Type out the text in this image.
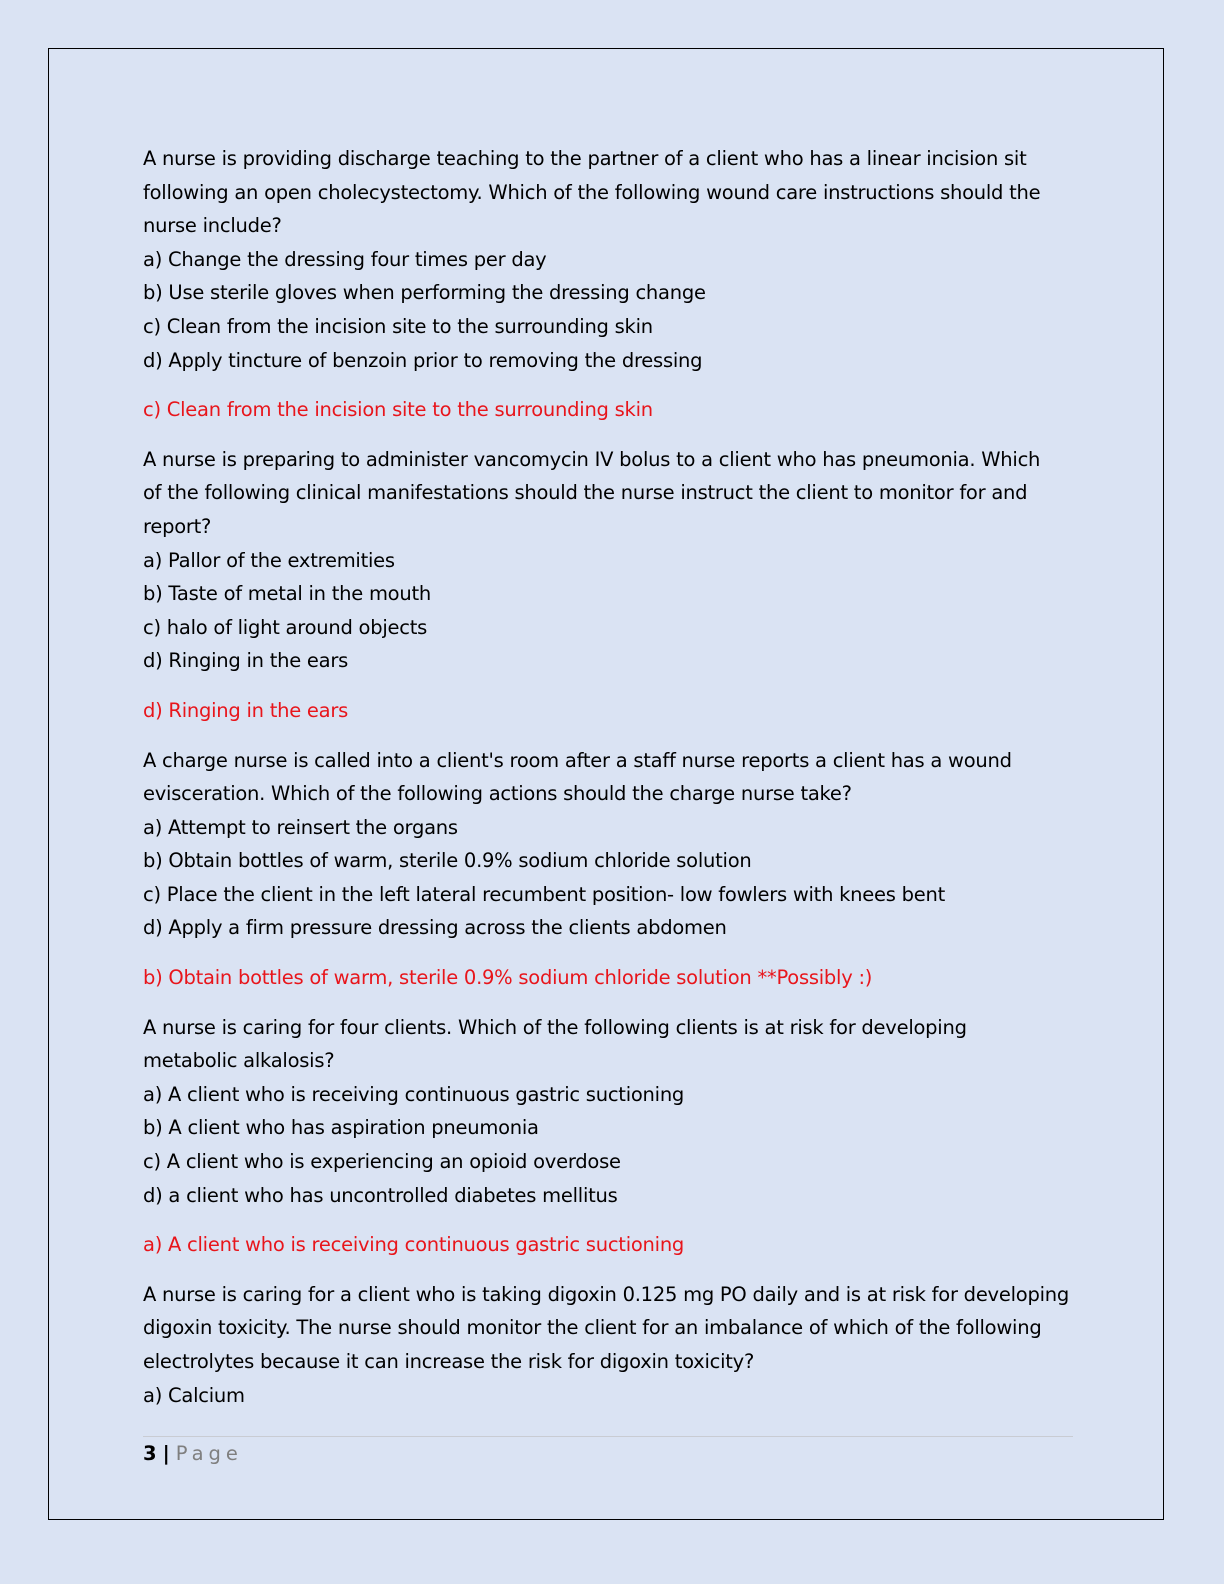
A nurse is providing discharge teaching to the partner of a client who has a linear incision sit
following an open cholecystectomy. Which of the following wound care instructions should the
nurse include?
a) Change the dressing four times per day
b) Use sterile gloves when performing the dressing change
c) Clean from the incision site to the surrounding skin
d) Apply tincture of benzoin prior to removing the dressing
c) Clean from the incision site to the surrounding skin
A nurse is preparing to administer vancomycin IV bolus to a client who has pneumonia. Which
of the following clinical manifestations should the nurse instruct the client to monitor for and
report?
a) Pallor of the extremities
b) Taste of metal in the mouth
c) halo of light around objects
d) Ringing in the ears
d) Ringing in the ears
A charge nurse is called into a client's room after a staff nurse reports a client has a wound
evisceration. Which of the following actions should the charge nurse take?
a) Attempt to reinsert the organs
b) Obtain bottles of warm, sterile 0.9% sodium chloride solution
c) Place the client in the left lateral recumbent position- low fowlers with knees bent
d) Apply a firm pressure dressing across the clients abdomen
b) Obtain bottles of warm, sterile 0.9% sodium chloride solution **Possibly :)
A nurse is caring for four clients. Which of the following clients is at risk for developing
metabolic alkalosis?
a) A client who is receiving continuous gastric suctioning
b) A client who has aspiration pneumonia
c) A client who is experiencing an opioid overdose
d) a client who has uncontrolled diabetes mellitus
a) A client who is receiving continuous gastric suctioning
A nurse is caring for a client who is taking digoxin 0.125 mg PO daily and is at risk for developing
digoxin toxicity. The nurse should monitor the client for an imbalance of which of the following
electrolytes because it can increase the risk for digoxin toxicity?
a) Calcium
3 | Page
